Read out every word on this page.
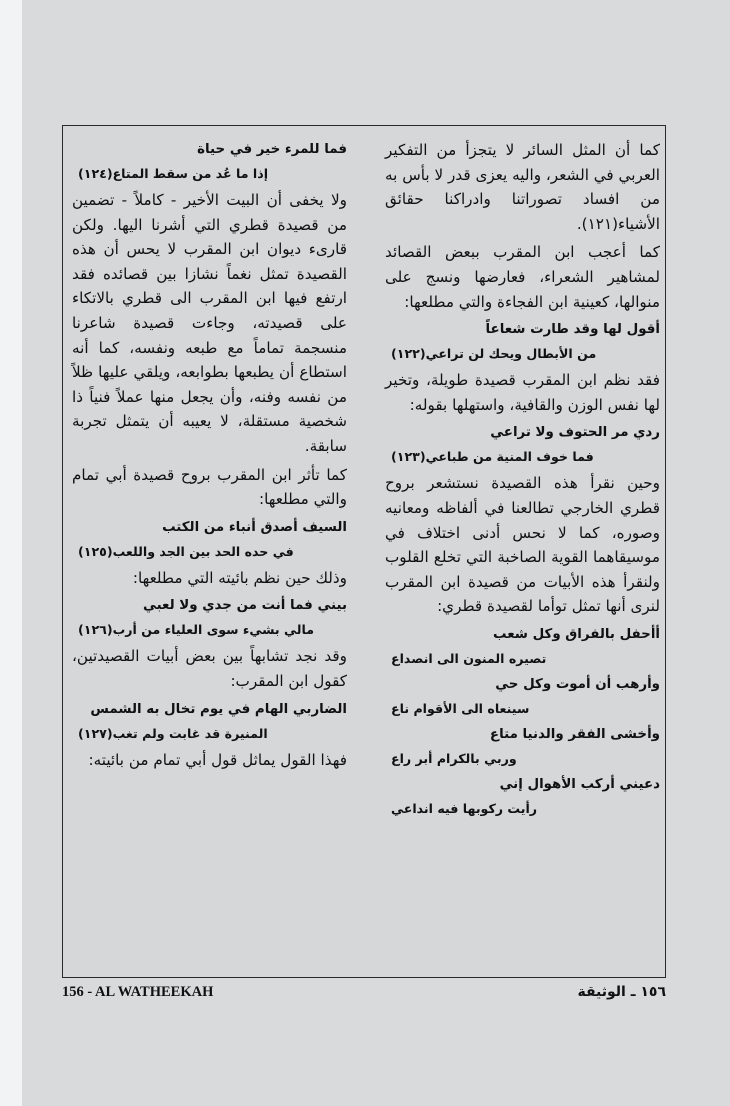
كما أن المثل السائر لا يتجزأ من التفكير العربي في الشعر، واليه يعزى قدر لا بأس به من افساد تصوراتنا وادراكنا حقائق الأشياء(١٢١).
كما أعجب ابن المقرب ببعض القصائد لمشاهير الشعراء، فعارضها ونسج على منوالها، كعينية ابن الفجاءة والتي مطلعها:
أقول لها وقد طارت شعاعاً
من الأبطال ويحك لن تراعي(١٢٢)
فقد نظم ابن المقرب قصيدة طويلة، وتخير لها نفس الوزن والقافية، واستهلها بقوله:
ردي مر الحتوف ولا تراعي
فما خوف المنية من طباعي(١٢٣)
وحين نقرأ هذه القصيدة نستشعر بروح قطري الخارجي تطالعنا في ألفاظه ومعانيه وصوره، كما لا نحس أدنى اختلاف في موسيقاهما القوية الصاخبة التي تخلع القلوب ولنقرأ هذه الأبيات من قصيدة ابن المقرب لنرى أنها تمثل توأما لقصيدة قطري:
أأحفل بالفراق وكل شعب
تصيره المنون الى انصداع
وأرهب أن أموت وكل حي
سينعاه الى الأقوام ناع
وأخشى الفقر والدنيا متاع
وربي بالكرام أبر راع
دعيني أركب الأهوال إني
رأيت ركوبها فيه انداعي
فما للمرء خير في حياة
إذا ما عُد من سقط المتاع(١٢٤)
ولا يخفى أن البيت الأخير - كاملاً - تضمين من قصيدة قطري التي أشرنا اليها. ولكن قارىء ديوان ابن المقرب لا يحس أن هذه القصيدة تمثل نغماً نشازا بين قصائده فقد ارتفع فيها ابن المقرب الى قطري بالاتكاء على قصيدته، وجاءت قصيدة شاعرنا منسجمة تماماً مع طبعه ونفسه، كما أنه استطاع أن يطبعها بطوابعه، ويلقي عليها ظلاً من نفسه وفنه، وأن يجعل منها عملاً فنياً ذا شخصية مستقلة، لا يعيبه أن يتمثل تجربة سابقة.
كما تأثر ابن المقرب بروح قصيدة أبي تمام والتي مطلعها:
السيف أصدق أنباء من الكتب
في حده الحد بين الجد واللعب(١٢٥)
وذلك حين نظم بائيته التي مطلعها:
بيني فما أنت من جدي ولا لعبي
مالي بشيء سوى العلياء من أرب(١٢٦)
وقد نجد تشابهاً بين بعض أبيات القصيدتين، كقول ابن المقرب:
الضاربي الهام في يوم تخال به الشمس
المنيرة قد غابت ولم تغب(١٢٧)
فهذا القول يماثل قول أبي تمام من بائيته:
156 - AL WATHEEKAH	١٥٦ ـ الوثيقة
